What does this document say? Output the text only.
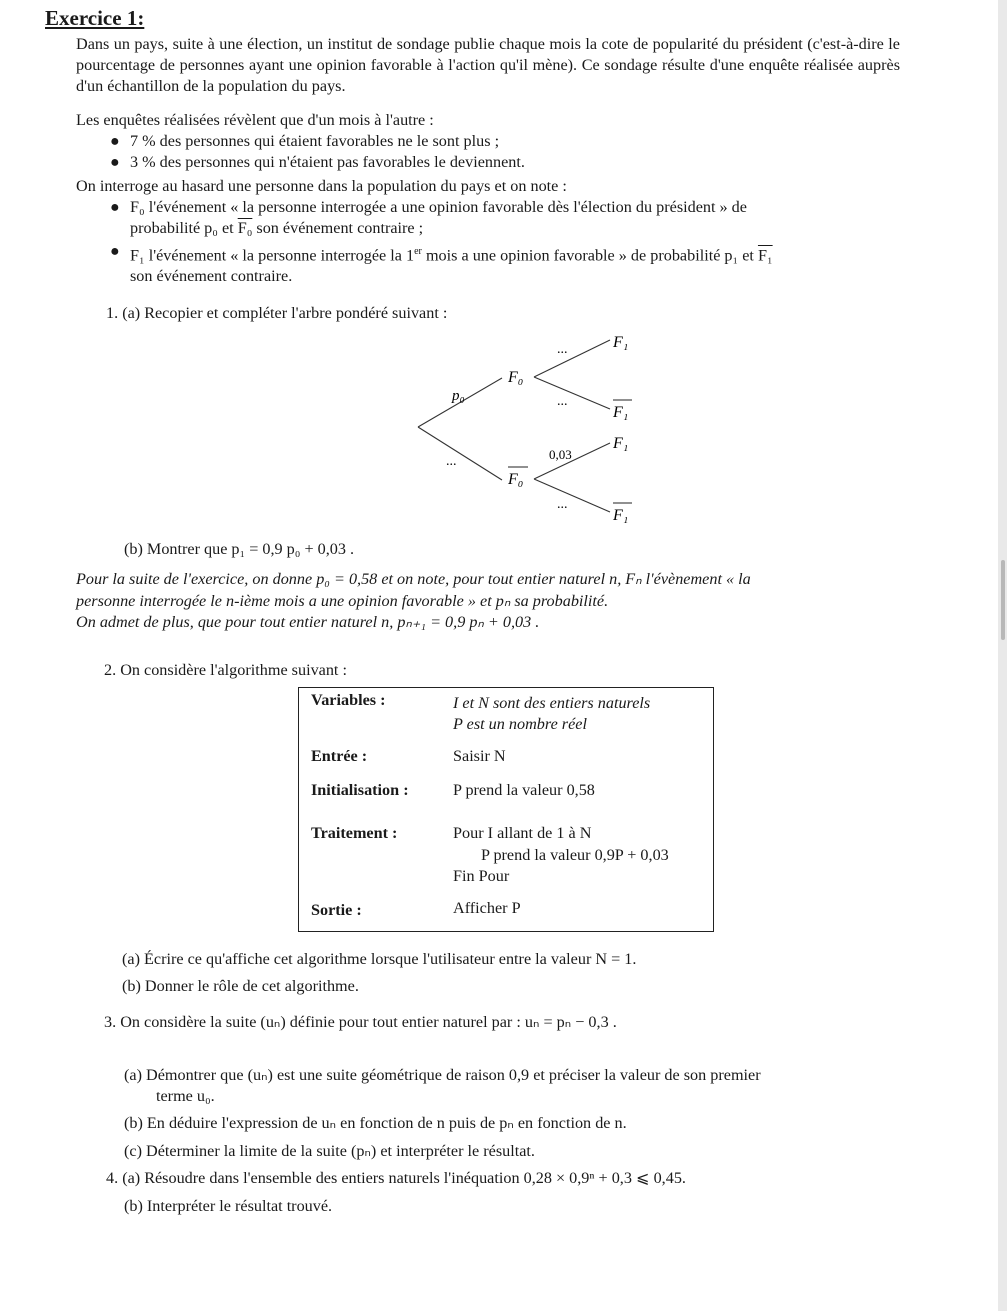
Exercice 1:
Dans un pays, suite à une élection, un institut de sondage publie chaque mois la cote de popularité du président (c'est-à-dire le pourcentage de personnes ayant une opinion favorable à l'action qu'il mène). Ce sondage résulte d'une enquête réalisée auprès d'un échantillon de la population du pays.
Les enquêtes réalisées révèlent que d'un mois à l'autre :
● 7 % des personnes qui étaient favorables ne le sont plus ;
● 3 % des personnes qui n'étaient pas favorables le deviennent.
On interroge au hasard une personne dans la population du pays et on note :
● F₀ l'événement « la personne interrogée a une opinion favorable dès l'élection du président » de
probabilité p₀ et F₀ son événement contraire ;
● F₁ l'événement « la personne interrogée la 1er mois a une opinion favorable » de probabilité p₁ et F₁
son événement contraire.
1. (a) Recopier et compléter l'arbre pondéré suivant :
p₀
...
F₀
F₀
...
...
0,03
...
F₁
F₁
F₁
F₁
(b) Montrer que p₁ = 0,9 p₀ + 0,03 .
Pour la suite de l'exercice, on donne p₀ = 0,58 et on note, pour tout entier naturel n, Fₙ l'évènement « la
personne interrogée le n-ième mois a une opinion favorable » et pₙ sa probabilité.
On admet de plus, que pour tout entier naturel n, pₙ₊₁ = 0,9 pₙ + 0,03 .
2. On considère l'algorithme suivant :
Variables :	I et N sont des entiers naturels
P est un nombre réel
Entrée :	Saisir N
Initialisation :	P prend la valeur 0,58
Traitement :	Pour I allant de 1 à N
P prend la valeur 0,9P + 0,03
Fin Pour
Sortie :	Afficher P
(a) Écrire ce qu'affiche cet algorithme lorsque l'utilisateur entre la valeur N = 1.
(b) Donner le rôle de cet algorithme.
3. On considère la suite (uₙ) définie pour tout entier naturel par : uₙ = pₙ − 0,3 .
(a) Démontrer que (uₙ) est une suite géométrique de raison 0,9 et préciser la valeur de son premier
terme u₀.
(b) En déduire l'expression de uₙ en fonction de n puis de pₙ en fonction de n.
(c) Déterminer la limite de la suite (pₙ) et interpréter le résultat.
4. (a) Résoudre dans l'ensemble des entiers naturels l'inéquation 0,28 × 0,9ⁿ + 0,3 ⩽ 0,45.
(b) Interpréter le résultat trouvé.
